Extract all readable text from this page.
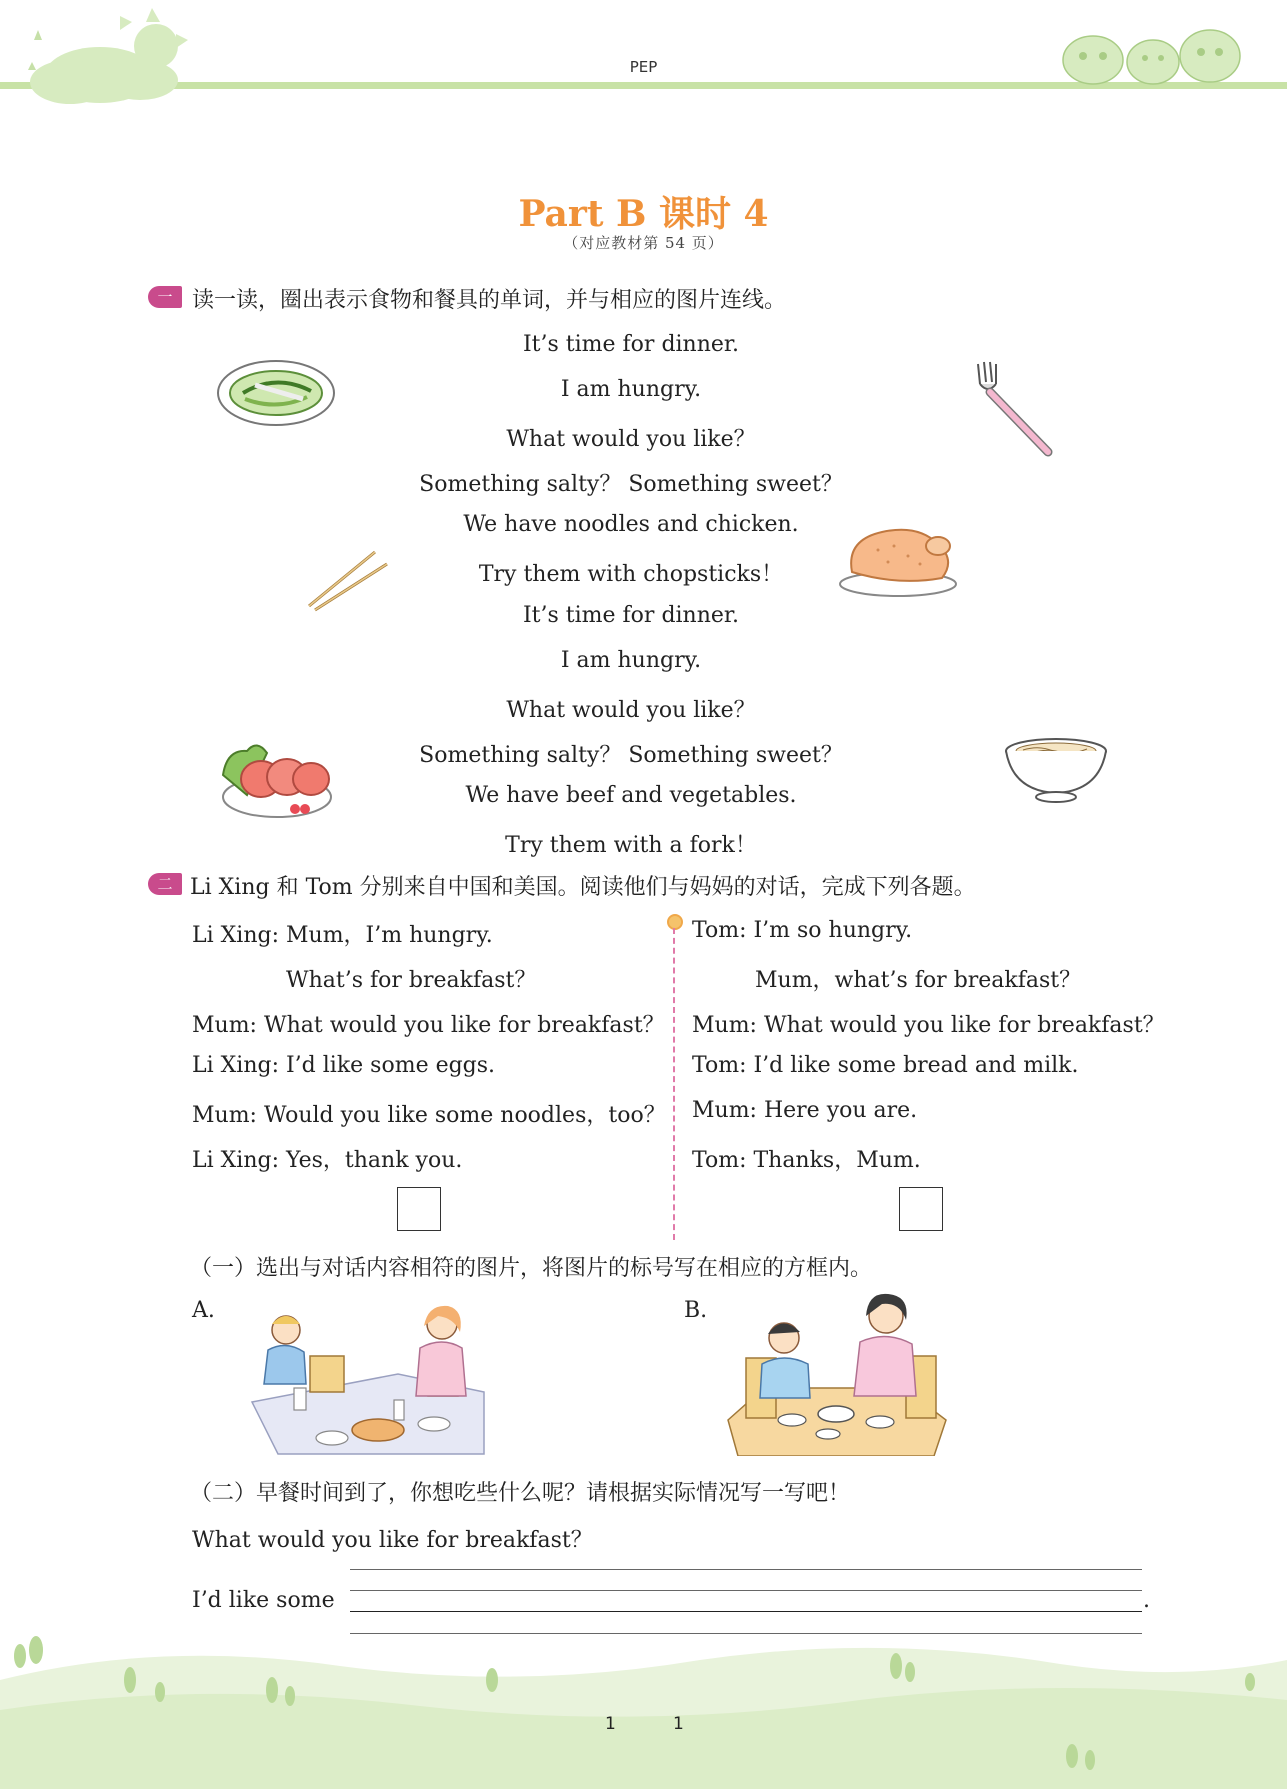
PEP
Part B 课时 4
（对应教材第 54 页）
一 读一读，圈出表示食物和餐具的单词，并与相应的图片连线。
It’s time for dinner.
I am hungry.
What would you like？
Something salty？ Something sweet？
We have noodles and chicken.
Try them with chopsticks！
It’s time for dinner.
I am hungry.
What would you like？
Something salty？ Something sweet？
We have beef and vegetables.
Try them with a fork！
二 Li Xing 和 Tom 分别来自中国和美国。阅读他们与妈妈的对话，完成下列各题。
Li Xing: Mum，I’m hungry.
What’s for breakfast？
Mum: What would you like for breakfast？
Li Xing: I’d like some eggs.
Mum: Would you like some noodles，too？
Li Xing: Yes，thank you.
Tom: I’m so hungry.
Mum，what’s for breakfast？
Mum: What would you like for breakfast？
Tom: I’d like some bread and milk.
Mum: Here you are.
Tom: Thanks，Mum.
（一）选出与对话内容相符的图片，将图片的标号写在相应的方框内。
A.	B.
（二）早餐时间到了，你想吃些什么呢？请根据实际情况写一写吧！
What would you like for breakfast？
I’d like some	.
1	1
